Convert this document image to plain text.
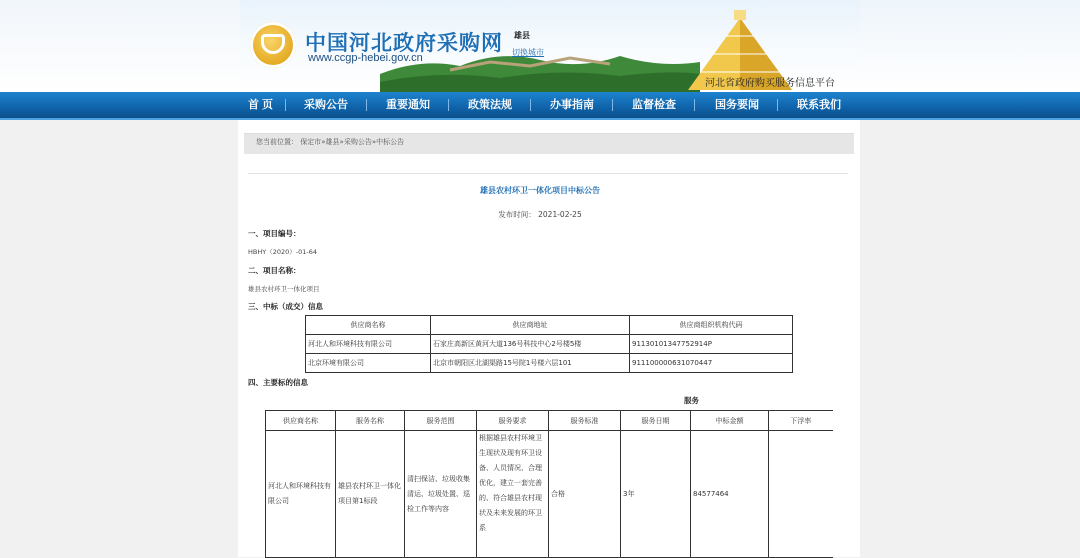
中国河北政府采购网
www.ccgp-hebei.gov.cn
雄县
切换城市
河北省政府购买服务信息平台
首 页	采购公告	重要通知	政策法规	办事指南	监督检查	国务要闻	联系我们
您当前位置： 保定市»雄县»采购公告»中标公告
雄县农村环卫一体化项目中标公告
发布时间： 2021-02-25
一、项目编号：
HBHY（2020）-01-64
二、项目名称：
雄县农村环卫一体化项目
三、中标（成交）信息
供应商名称	供应商地址	供应商组织机构代码
河北人和环境科技有限公司	石家庄高新区黄河大道136号科技中心2号楼5楼	91130101347752914P
北京环境有限公司	北京市朝阳区北湖渠路15号院1号楼六层101	911100000631070447
四、主要标的信息
服务
供应商名称	服务名称	服务范围	服务要求	服务标准	服务日期	中标金额	下浮率
河北人和环境科技有限公司	雄县农村环卫一体化项目第1标段	清扫保洁、垃圾收集清运、垃圾处置、巡检工作等内容	根据雄县农村环境卫生现状及现有环卫设备、人员情况、合理优化，建立一套完善的、符合雄县农村现状及未来发展的环卫系	合格	3年	84577464	
